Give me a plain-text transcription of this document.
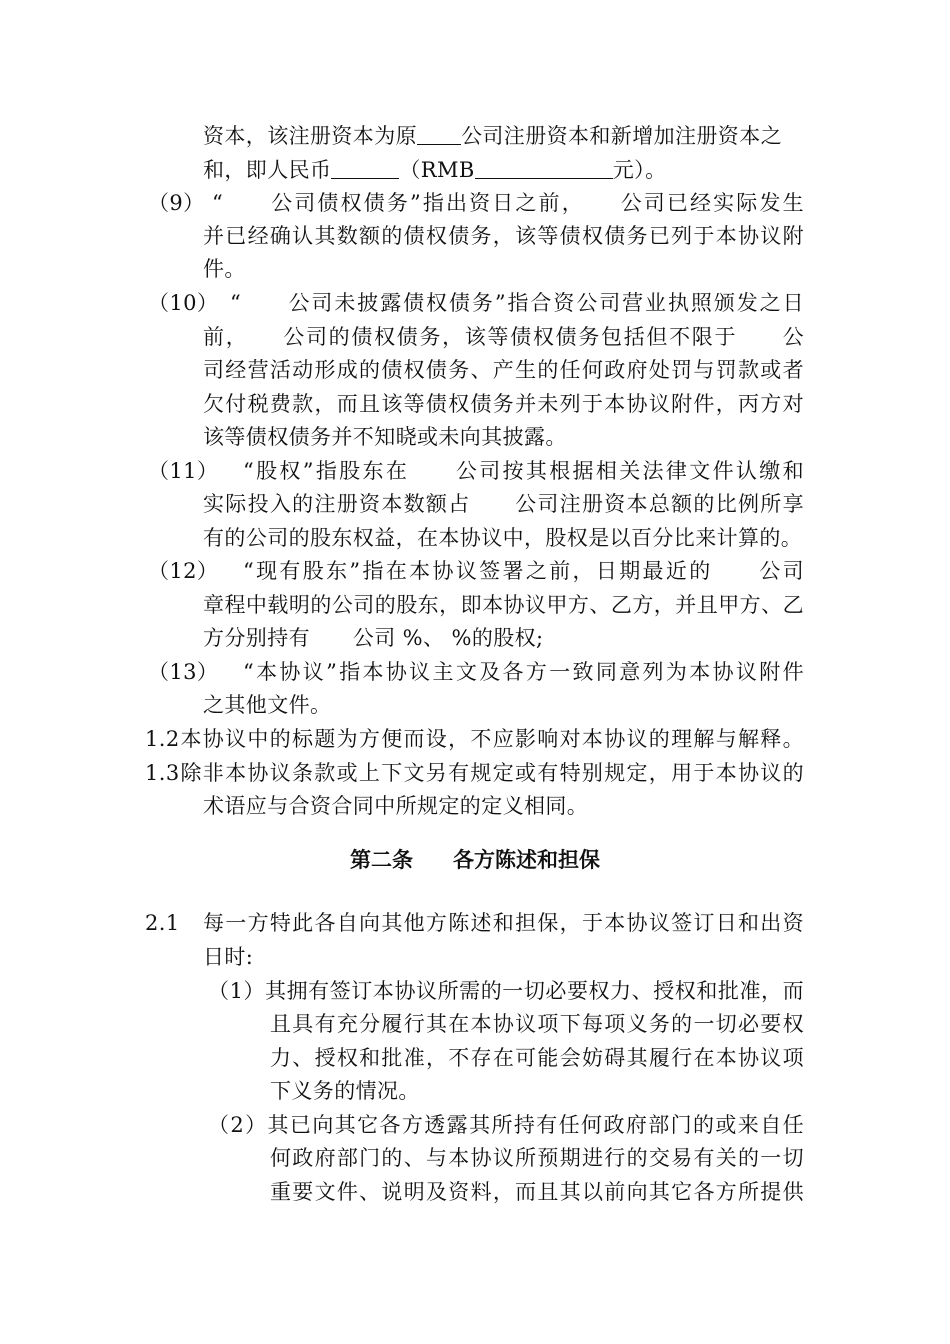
资本，该注册资本为原 公司注册资本和新增加注册资本之
和，即人民币	（RMB	元）。
（9） “　　公司债权债务”指出资日之前，　　公司已经实际发生
并已经确认其数额的债权债务，该等债权债务已列于本协议附
件。
（10） “　　公司未披露债权债务”指合资公司营业执照颁发之日
前，　　公司的债权债务，该等债权债务包括但不限于　　公
司经营活动形成的债权债务、产生的任何政府处罚与罚款或者
欠付税费款，而且该等债权债务并未列于本协议附件，丙方对
该等债权债务并不知晓或未向其披露。
（11） “股权”指股东在　　公司按其根据相关法律文件认缴和
实际投入的注册资本数额占　　公司注册资本总额的比例所享
有的公司的股东权益，在本协议中，股权是以百分比来计算的。
（12） “现有股东”指在本协议签署之前，日期最近的　　公司
章程中载明的公司的股东，即本协议甲方、乙方，并且甲方、乙
方分别持有　　公司 %、 %的股权;
（13） “本协议”指本协议主文及各方一致同意列为本协议附件
之其他文件。
1.2本协议中的标题为方便而设，不应影响对本协议的理解与解释。
1.3除非本协议条款或上下文另有规定或有特别规定，用于本协议的
术语应与合资合同中所规定的定义相同。
第二条 各方陈述和担保
2.1 每一方特此各自向其他方陈述和担保，于本协议签订日和出资
日时:
（1）其拥有签订本协议所需的一切必要权力、授权和批准，而
且具有充分履行其在本协议项下每项义务的一切必要权
力、授权和批准，不存在可能会妨碍其履行在本协议项
下义务的情况。
（2）其已向其它各方透露其所持有任何政府部门的或来自任
何政府部门的、与本协议所预期进行的交易有关的一切
重要文件、说明及资料，而且其以前向其它各方所提供
